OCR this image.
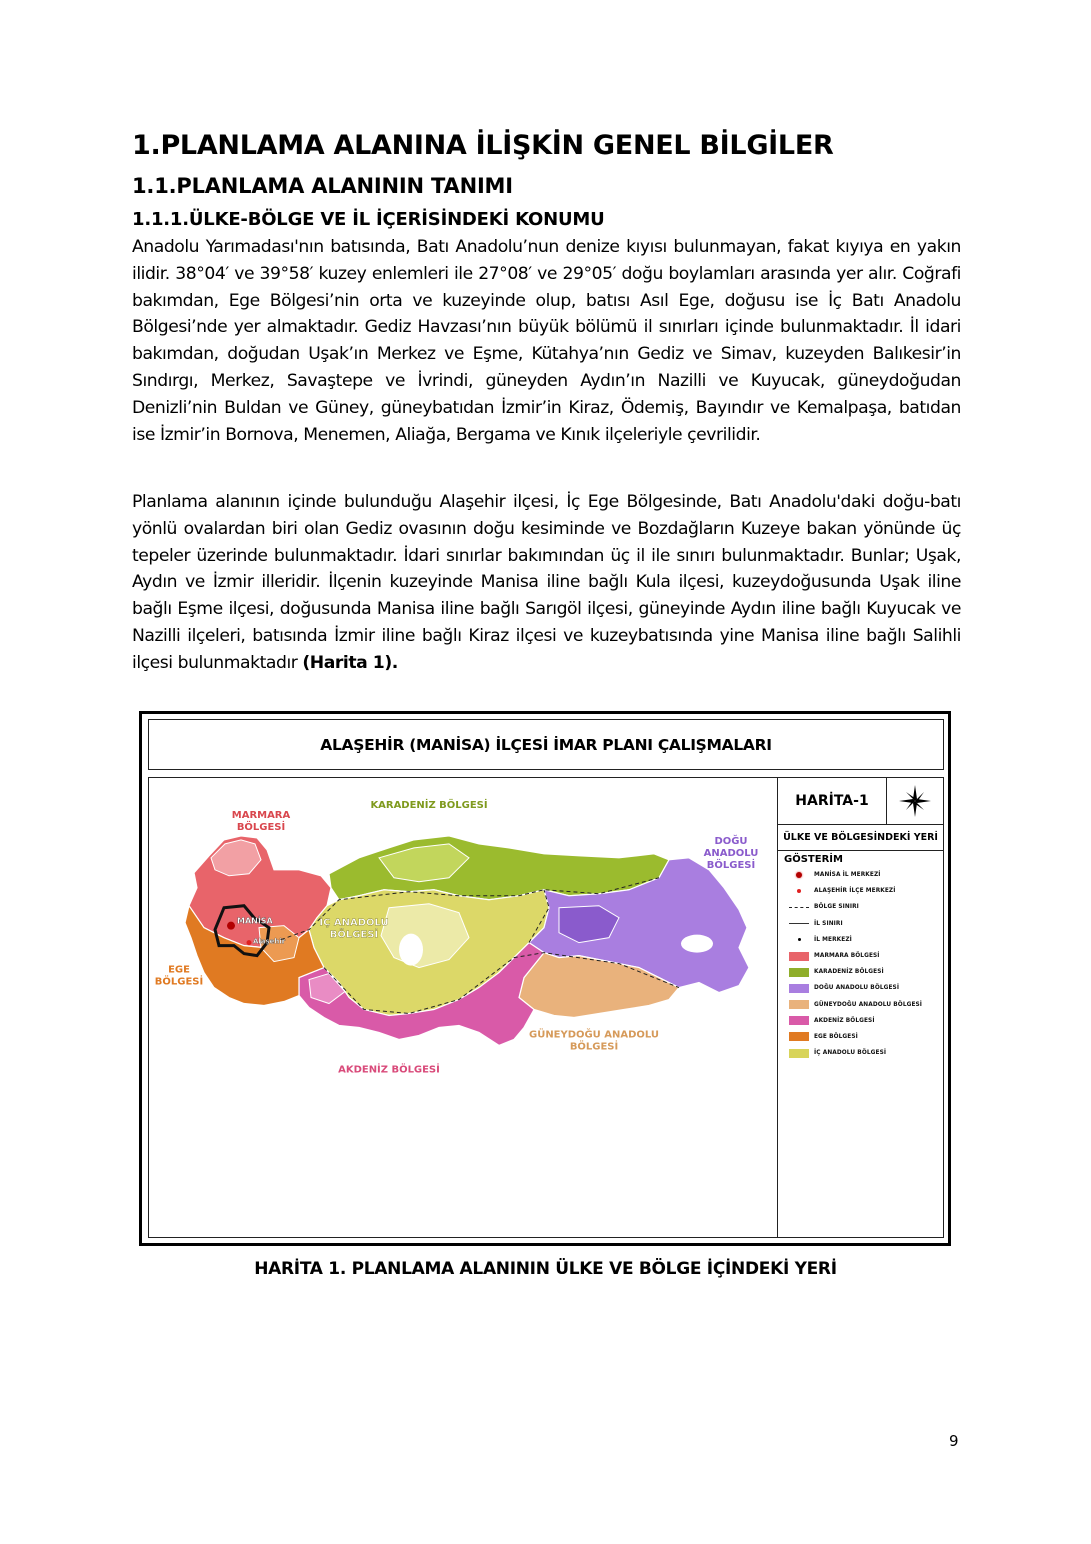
1.PLANLAMA ALANINA İLİŞKİN GENEL BİLGİLER
1.1.PLANLAMA ALANININ TANIMI
1.1.1.ÜLKE-BÖLGE VE İL İÇERİSİNDEKİ KONUMU

Anadolu Yarımadası'nın batısında, Batı Anadolu’nun denize kıyısı bulunmayan, fakat kıyıya en yakın ilidir. 38°04′ ve 39°58′ kuzey enlemleri ile 27°08′ ve 29°05′ doğu boylamları arasında yer alır. Coğrafi bakımdan, Ege Bölgesi’nin orta ve kuzeyinde olup, batısı Asıl Ege, doğusu ise İç Batı Anadolu Bölgesi’nde yer almaktadır. Gediz Havzası’nın büyük bölümü il sınırları içinde bulunmaktadır. İl idari bakımdan, doğudan Uşak’ın Merkez ve Eşme, Kütahya’nın Gediz ve Simav, kuzeyden Balıkesir’in Sındırgı, Merkez, Savaştepe ve İvrindi, güneyden Aydın’ın Nazilli ve Kuyucak, güneydoğudan Denizli’nin Buldan ve Güney, güneybatıdan İzmir’in Kiraz, Ödemiş, Bayındır ve Kemalpaşa, batıdan ise İzmir’in Bornova, Menemen, Aliağa, Bergama ve Kınık ilçeleriyle çevrilidir.

Planlama alanının içinde bulunduğu Alaşehir ilçesi, İç Ege Bölgesinde, Batı Anadolu'daki doğu-batı yönlü ovalardan biri olan Gediz ovasının doğu kesiminde ve Bozdağların Kuzeye bakan yönünde üç tepeler üzerinde bulunmaktadır. İdari sınırlar bakımından üç il ile sınırı bulunmaktadır. Bunlar; Uşak, Aydın ve İzmir illeridir. İlçenin kuzeyinde Manisa iline bağlı Kula ilçesi, kuzeydoğusunda Uşak iline bağlı Eşme ilçesi, doğusunda Manisa iline bağlı Sarıgöl ilçesi, güneyinde Aydın iline bağlı Kuyucak ve Nazilli ilçeleri, batısında İzmir iline bağlı Kiraz ilçesi ve kuzeybatısında yine Manisa iline bağlı Salihli ilçesi bulunmaktadır (Harita 1).

ALAŞEHİR (MANİSA) İLÇESİ İMAR PLANI ÇALIŞMALARI
MARMARA
BÖLGESİ
KARADENİZ BÖLGESİ
DOĞU
ANADOLU
BÖLGESİ
İÇ ANADOLU
BÖLGESİ
EGE
BÖLGESİ
AKDENİZ BÖLGESİ
GÜNEYDOĞU ANADOLU
BÖLGESİ
MANİSA
Alaşehir
HARİTA-1
ÜLKE VE BÖLGESİNDEKİ YERİ
GÖSTERİM
MANİSA İL MERKEZİ
ALAŞEHİR İLÇE MERKEZİ
BÖLGE SINIRI
İL SINIRI
İL MERKEZİ
MARMARA BÖLGESİ
KARADENİZ BÖLGESİ
DOĞU ANADOLU BÖLGESİ
GÜNEYDOĞU ANADOLU BÖLGESİ
AKDENİZ BÖLGESİ
EGE BÖLGESİ
İÇ ANADOLU BÖLGESİ
HARİTA 1. PLANLAMA ALANININ ÜLKE VE BÖLGE İÇİNDEKİ YERİ
9
